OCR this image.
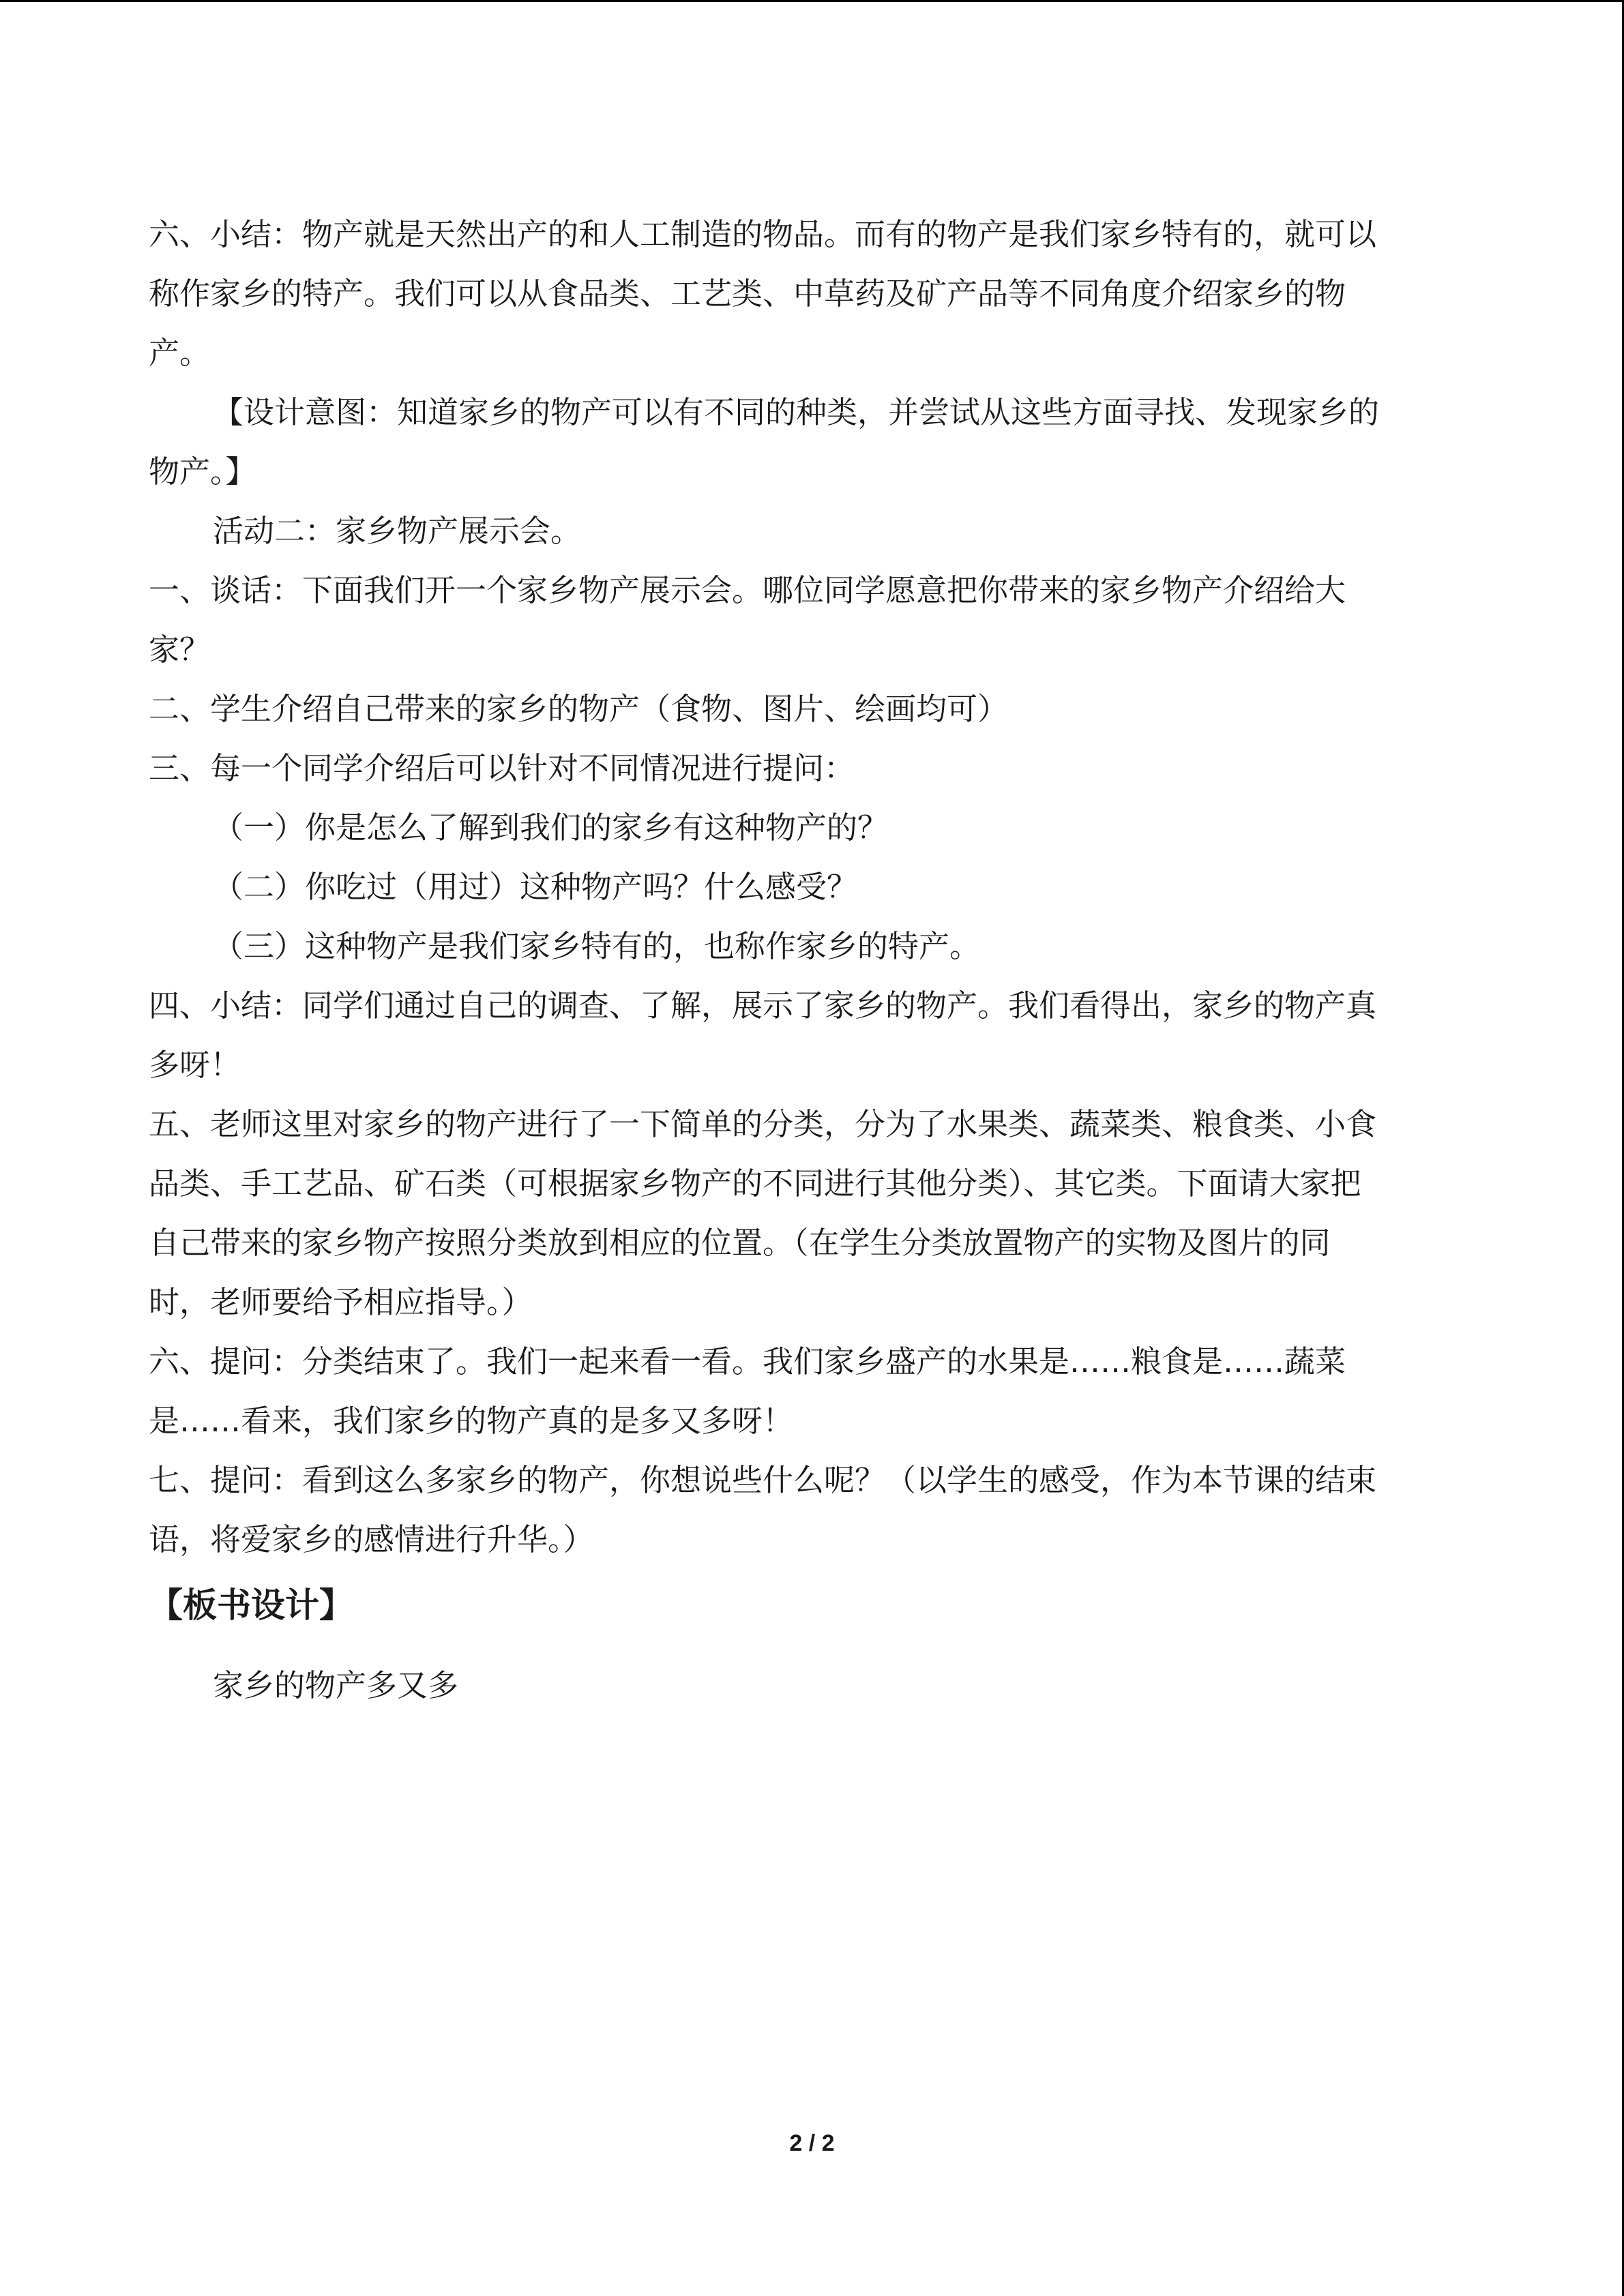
六、小结：物产就是天然出产的和人工制造的物品。而有的物产是我们家乡特有的，就可以
称作家乡的特产。我们可以从食品类、工艺类、中草药及矿产品等不同角度介绍家乡的物
产。
【设计意图：知道家乡的物产可以有不同的种类，并尝试从这些方面寻找、发现家乡的
物产。】
活动二：家乡物产展示会。
一、谈话：下面我们开一个家乡物产展示会。哪位同学愿意把你带来的家乡物产介绍给大
家？
二、学生介绍自己带来的家乡的物产（食物、图片、绘画均可）
三、每一个同学介绍后可以针对不同情况进行提问：
（一）你是怎么了解到我们的家乡有这种物产的？
（二）你吃过（用过）这种物产吗？什么感受？
（三）这种物产是我们家乡特有的，也称作家乡的特产。
四、小结：同学们通过自己的调查、了解，展示了家乡的物产。我们看得出，家乡的物产真
多呀！
五、老师这里对家乡的物产进行了一下简单的分类，分为了水果类、蔬菜类、粮食类、小食
品类、手工艺品、矿石类（可根据家乡物产的不同进行其他分类）、其它类。下面请大家把
自己带来的家乡物产按照分类放到相应的位置。（在学生分类放置物产的实物及图片的同
时，老师要给予相应指导。）
六、提问：分类结束了。我们一起来看一看。我们家乡盛产的水果是……粮食是……蔬菜
是……看来，我们家乡的物产真的是多又多呀！
七、提问：看到这么多家乡的物产，你想说些什么呢？（以学生的感受，作为本节课的结束
语，将爱家乡的感情进行升华。）
【板书设计】
家乡的物产多又多
2 / 2
